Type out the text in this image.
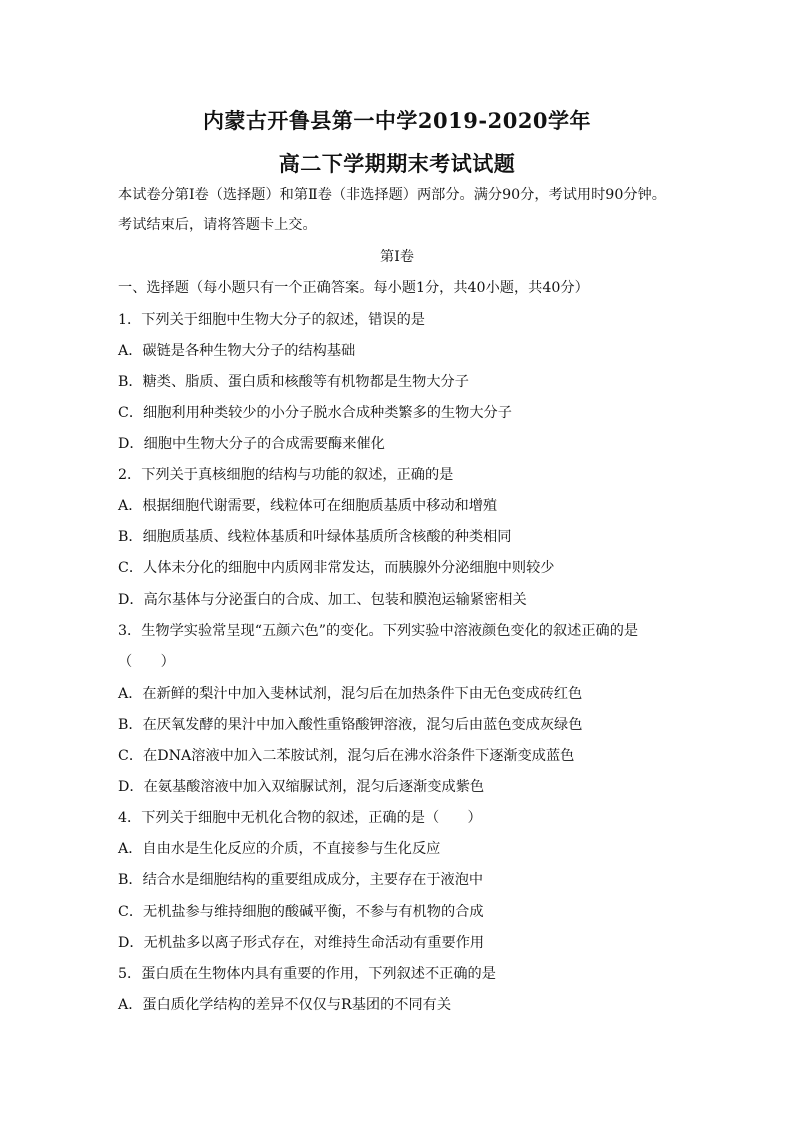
内蒙古开鲁县第一中学2019-2020学年
高二下学期期末考试试题
本试卷分第Ⅰ卷（选择题）和第Ⅱ卷（非选择题）两部分。满分90分，考试用时90分钟。
考试结束后，请将答题卡上交。
第Ⅰ卷
一、选择题（每小题只有一个正确答案。每小题1分，共40小题，共40分）
1．下列关于细胞中生物大分子的叙述，错误的是
A．碳链是各种生物大分子的结构基础
B．糖类、脂质、蛋白质和核酸等有机物都是生物大分子
C．细胞利用种类较少的小分子脱水合成种类繁多的生物大分子
D．细胞中生物大分子的合成需要酶来催化
2．下列关于真核细胞的结构与功能的叙述，正确的是
A．根据细胞代谢需要，线粒体可在细胞质基质中移动和增殖
B．细胞质基质、线粒体基质和叶绿体基质所含核酸的种类相同
C．人体未分化的细胞中内质网非常发达，而胰腺外分泌细胞中则较少
D．高尔基体与分泌蛋白的合成、加工、包装和膜泡运输紧密相关
3．生物学实验常呈现“五颜六色”的变化。下列实验中溶液颜色变化的叙述正确的是
（　　）
A．在新鲜的梨汁中加入斐林试剂，混匀后在加热条件下由无色变成砖红色
B．在厌氧发酵的果汁中加入酸性重铬酸钾溶液，混匀后由蓝色变成灰绿色
C．在DNA溶液中加入二苯胺试剂，混匀后在沸水浴条件下逐渐变成蓝色
D．在氨基酸溶液中加入双缩脲试剂，混匀后逐渐变成紫色
4．下列关于细胞中无机化合物的叙述，正确的是（　　）
A．自由水是生化反应的介质，不直接参与生化反应
B．结合水是细胞结构的重要组成成分，主要存在于液泡中
C．无机盐参与维持细胞的酸碱平衡，不参与有机物的合成
D．无机盐多以离子形式存在，对维持生命活动有重要作用
5．蛋白质在生物体内具有重要的作用，下列叙述不正确的是
A．蛋白质化学结构的差异不仅仅与R基团的不同有关
